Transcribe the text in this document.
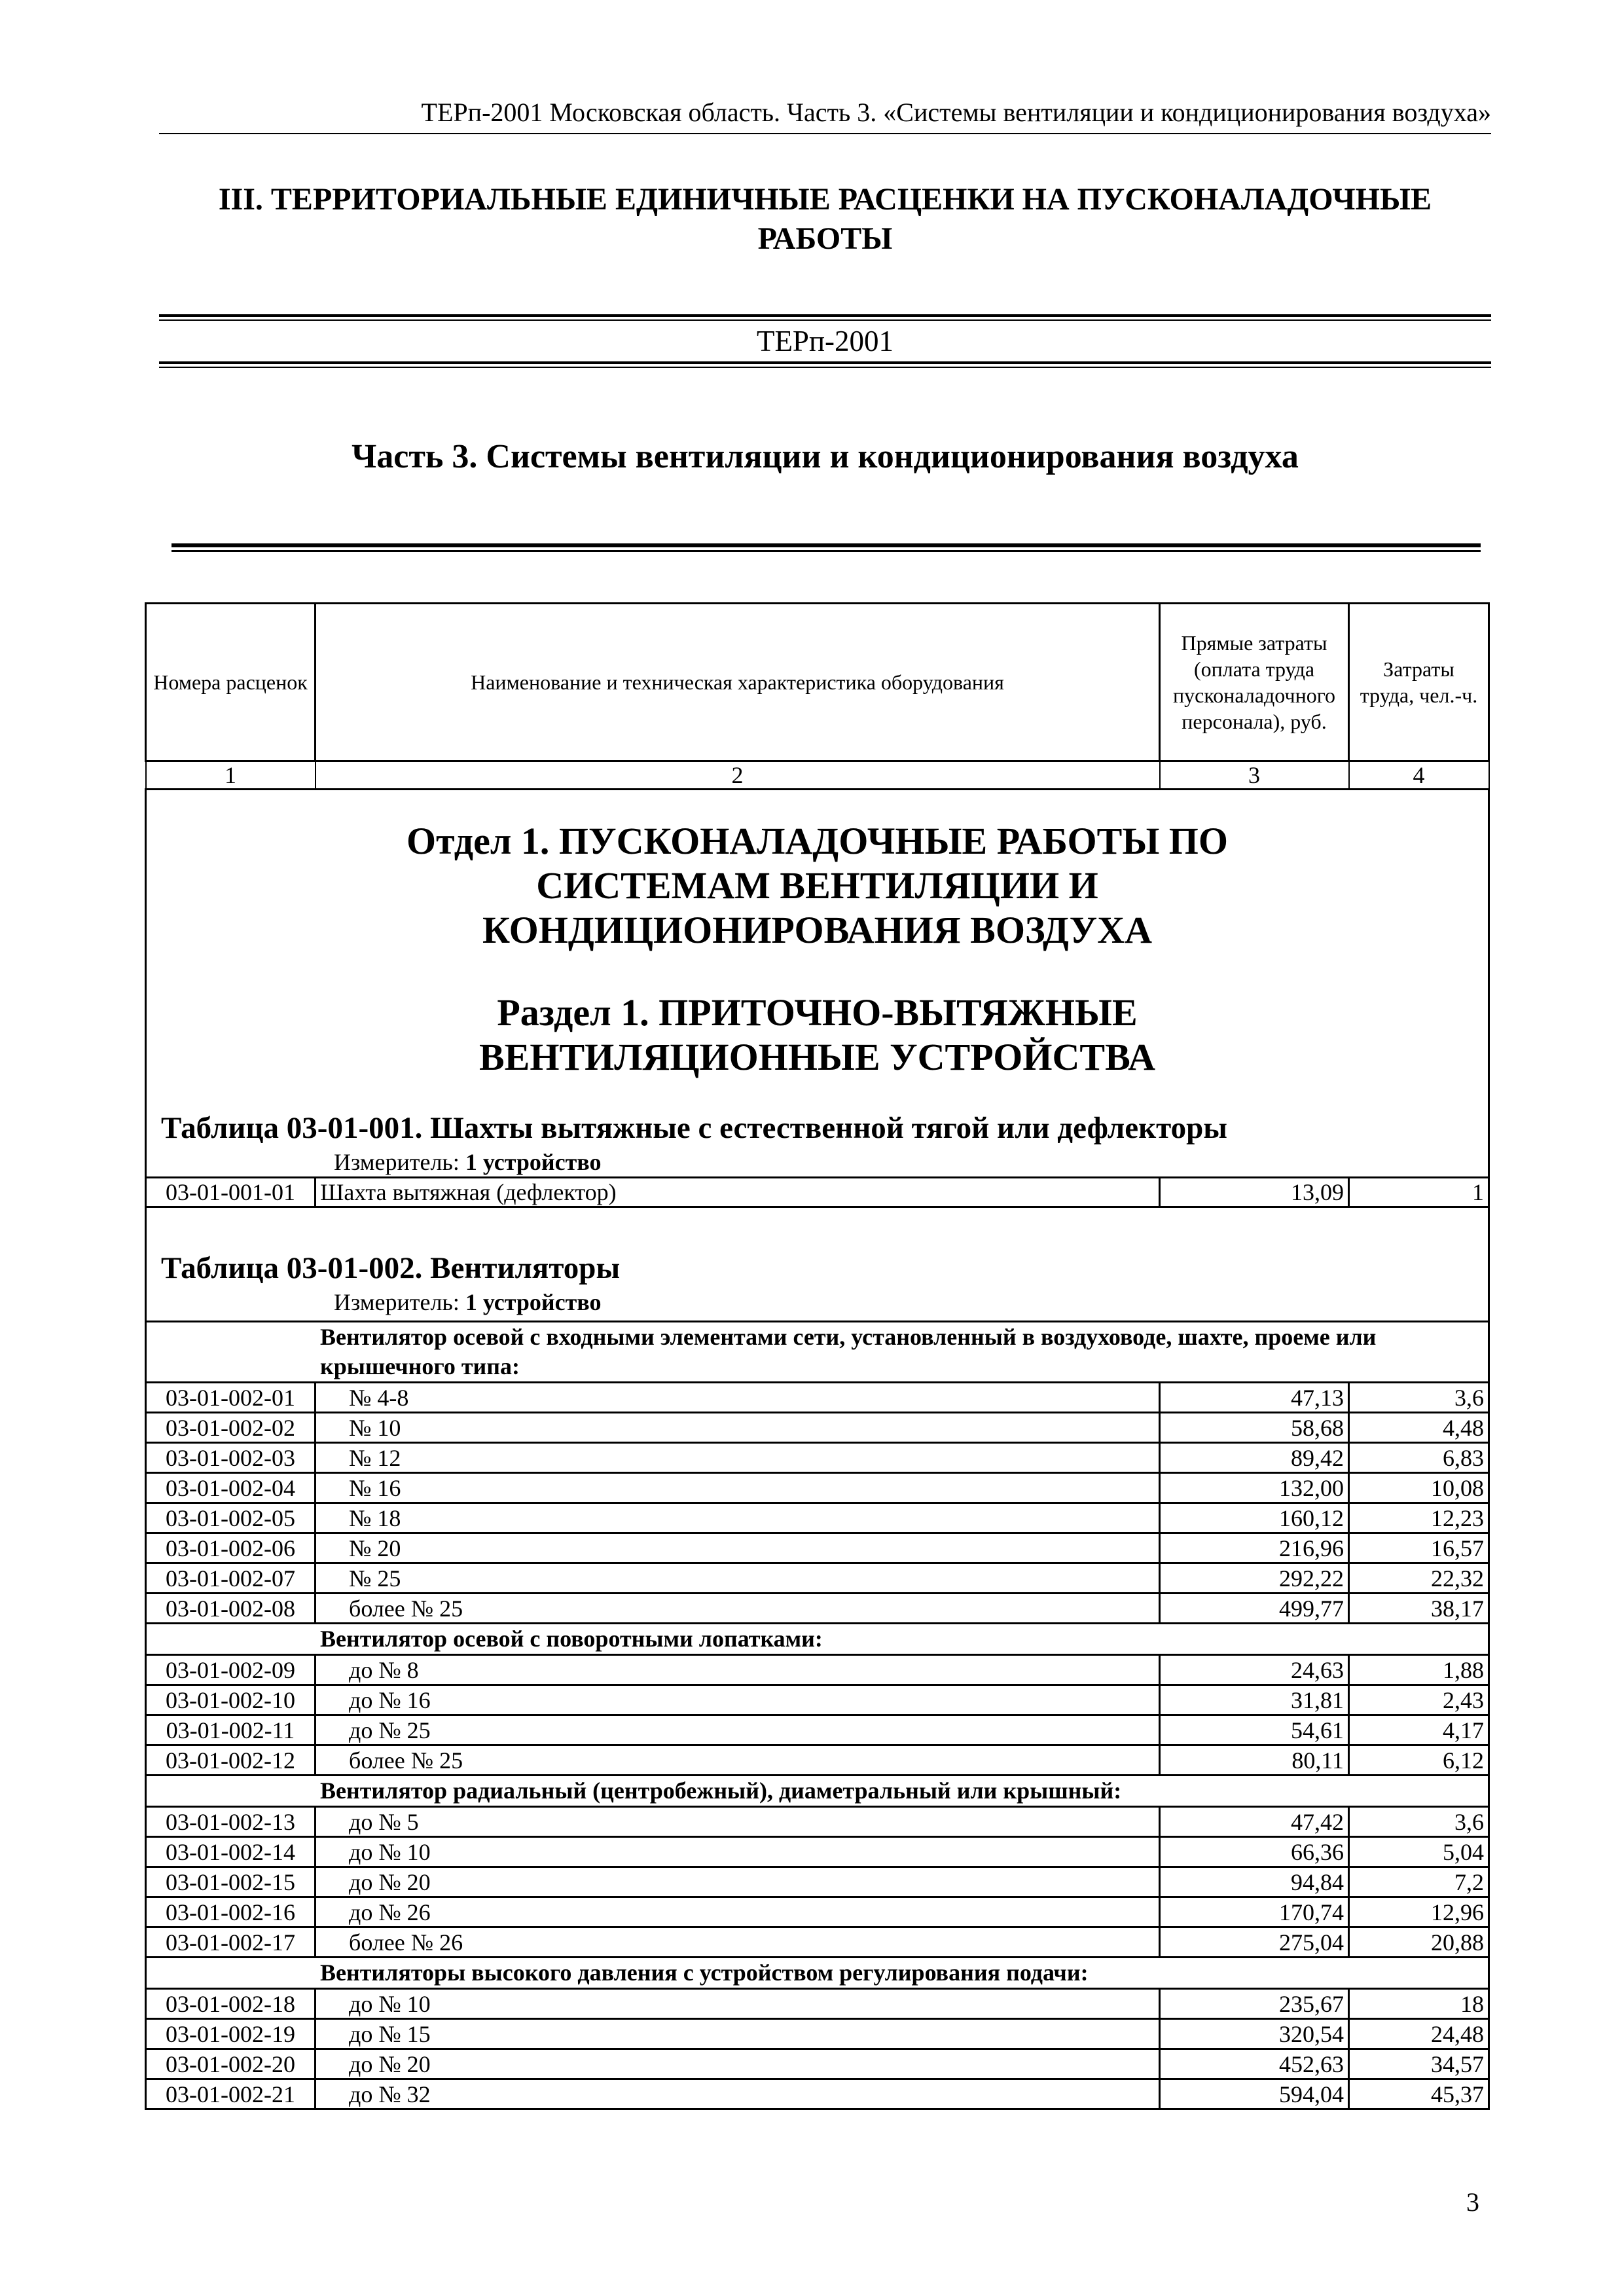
ТЕРп-2001 Московская область. Часть 3. «Системы вентиляции и кондиционирования воздуха»
III. ТЕРРИТОРИАЛЬНЫЕ ЕДИНИЧНЫЕ РАСЦЕНКИ НА ПУСКОНАЛАДОЧНЫЕ РАБОТЫ
ТЕРп-2001
Часть 3. Системы вентиляции и кондиционирования воздуха
Номера расценок	Наименование и техническая характеристика оборудования	Прямые затраты (оплата труда пусконаладочного персонала), руб.	Затраты труда, чел.-ч.
1	2	3	4

Отдел 1. ПУСКОНАЛАДОЧНЫЕ РАБОТЫ ПО СИСТЕМАМ ВЕНТИЛЯЦИИ И КОНДИЦИОНИРОВАНИЯ ВОЗДУХА
Раздел 1. ПРИТОЧНО-ВЫТЯЖНЫЕ ВЕНТИЛЯЦИОННЫЕ УСТРОЙСТВА
Таблица 03-01-001. Шахты вытяжные с естественной тягой или дефлекторы
Измеритель: 1 устройство			

03-01-001-01	Шахта вытяжная (дефлектор)	13,09	1

Таблица 03-01-002. Вентиляторы
Измеритель: 1 устройство			

Вентилятор осевой с входными элементами сети, установленный в воздуховоде, шахте, проеме или крышечного типа:			
03-01-002-01	№ 4-8	47,13	3,6
03-01-002-02	№ 10	58,68	4,48
03-01-002-03	№ 12	89,42	6,83
03-01-002-04	№ 16	132,00	10,08
03-01-002-05	№ 18	160,12	12,23
03-01-002-06	№ 20	216,96	16,57
03-01-002-07	№ 25	292,22	22,32
03-01-002-08	более № 25	499,77	38,17
Вентилятор осевой с поворотными лопатками:			
03-01-002-09	до № 8	24,63	1,88
03-01-002-10	до № 16	31,81	2,43
03-01-002-11	до № 25	54,61	4,17
03-01-002-12	более № 25	80,11	6,12
Вентилятор радиальный (центробежный), диаметральный или крышный:			
03-01-002-13	до № 5	47,42	3,6
03-01-002-14	до № 10	66,36	5,04
03-01-002-15	до № 20	94,84	7,2
03-01-002-16	до № 26	170,74	12,96
03-01-002-17	более № 26	275,04	20,88
Вентиляторы высокого давления с устройством регулирования подачи:			
03-01-002-18	до № 10	235,67	18
03-01-002-19	до № 15	320,54	24,48
03-01-002-20	до № 20	452,63	34,57
03-01-002-21	до № 32	594,04	45,37
3
